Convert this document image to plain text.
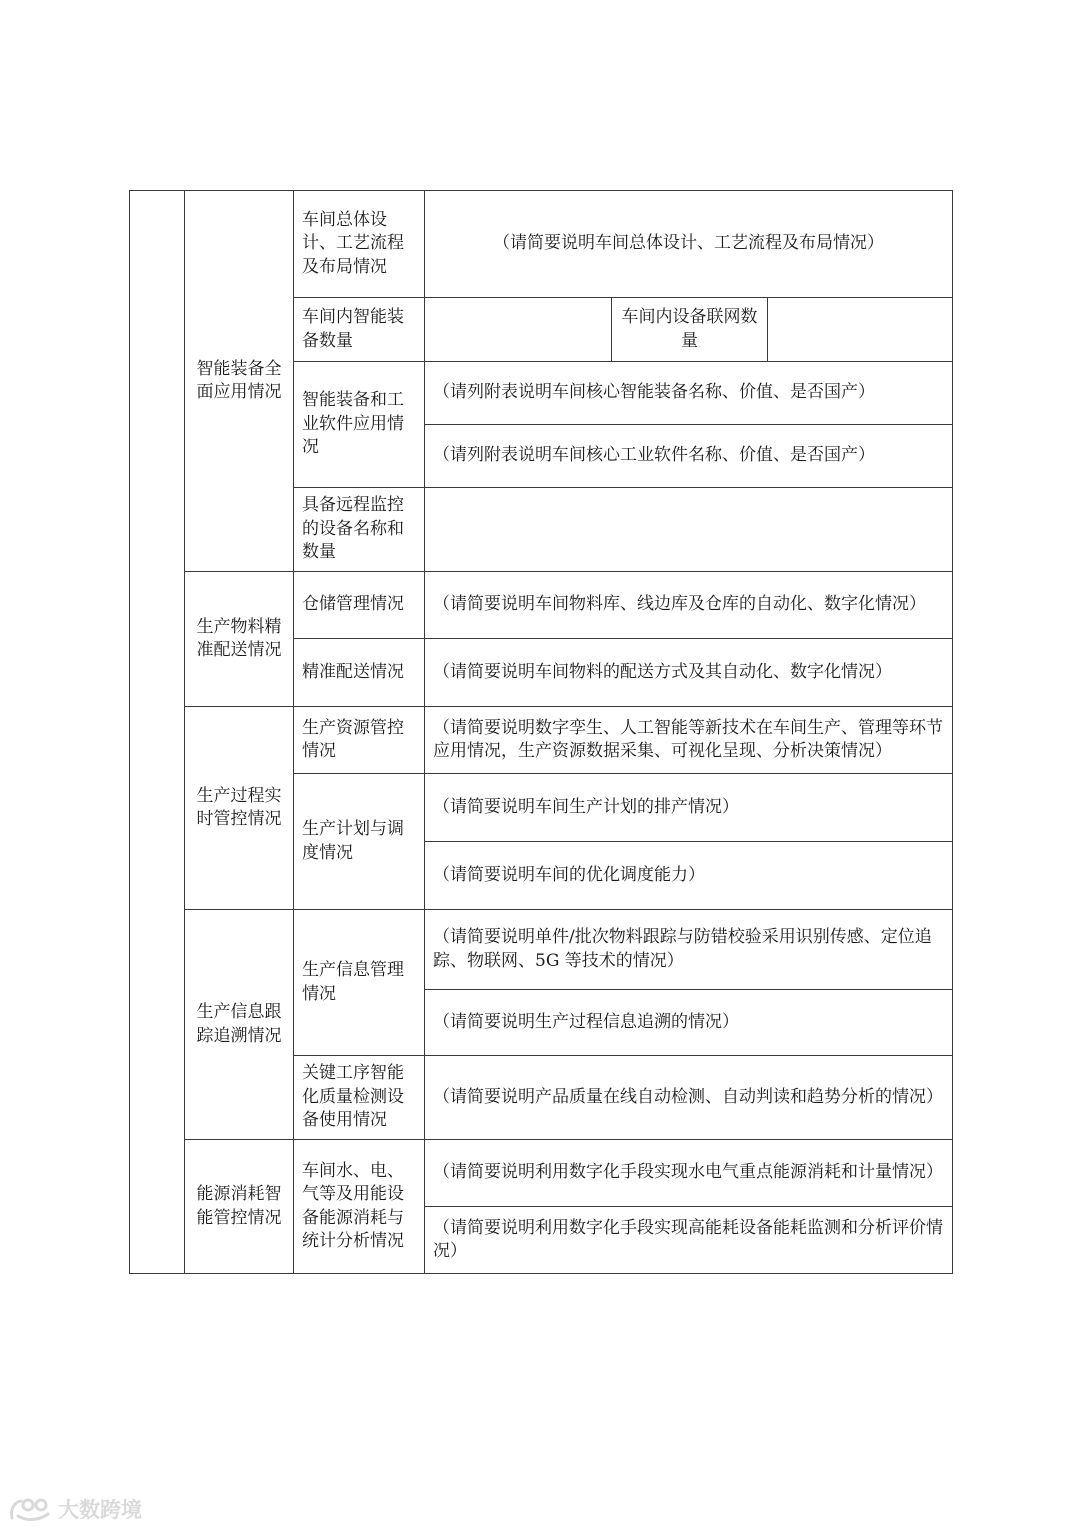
	智能装备全面应用情况	车间总体设计、工艺流程及布局情况	（请简要说明车间总体设计、工艺流程及布局情况）		
		车间内智能装备数量		车间内设备联网数量	
		智能装备和工业软件应用情况	（请列附表说明车间核心智能装备名称、价值、是否国产）		
			（请列附表说明车间核心工业软件名称、价值、是否国产）		
		具备远程监控的设备名称和数量			

	生产物料精准配送情况	仓储管理情况	（请简要说明车间物料库、线边库及仓库的自动化、数字化情况）		
		精准配送情况	（请简要说明车间物料的配送方式及其自动化、数字化情况）		
	生产过程实时管控情况	生产资源管控情况	（请简要说明数字孪生、人工智能等新技术在车间生产、管理等环节应用情况，生产资源数据采集、可视化呈现、分析决策情况）		
		生产计划与调度情况	（请简要说明车间生产计划的排产情况）		
			（请简要说明车间的优化调度能力）		
	生产信息跟踪追溯情况	生产信息管理情况	（请简要说明单件/批次物料跟踪与防错校验采用识别传感、定位追踪、物联网、5G 等技术的情况）		
			（请简要说明生产过程信息追溯的情况）		
		关键工序智能化质量检测设备使用情况	（请简要说明产品质量在线自动检测、自动判读和趋势分析的情况）		
	能源消耗智能管控情况	车间水、电、气等及用能设备能源消耗与统计分析情况	（请简要说明利用数字化手段实现水电气重点能源消耗和计量情况）		
			（请简要说明利用数字化手段实现高能耗设备能耗监测和分析评价情况）		
大数跨境
